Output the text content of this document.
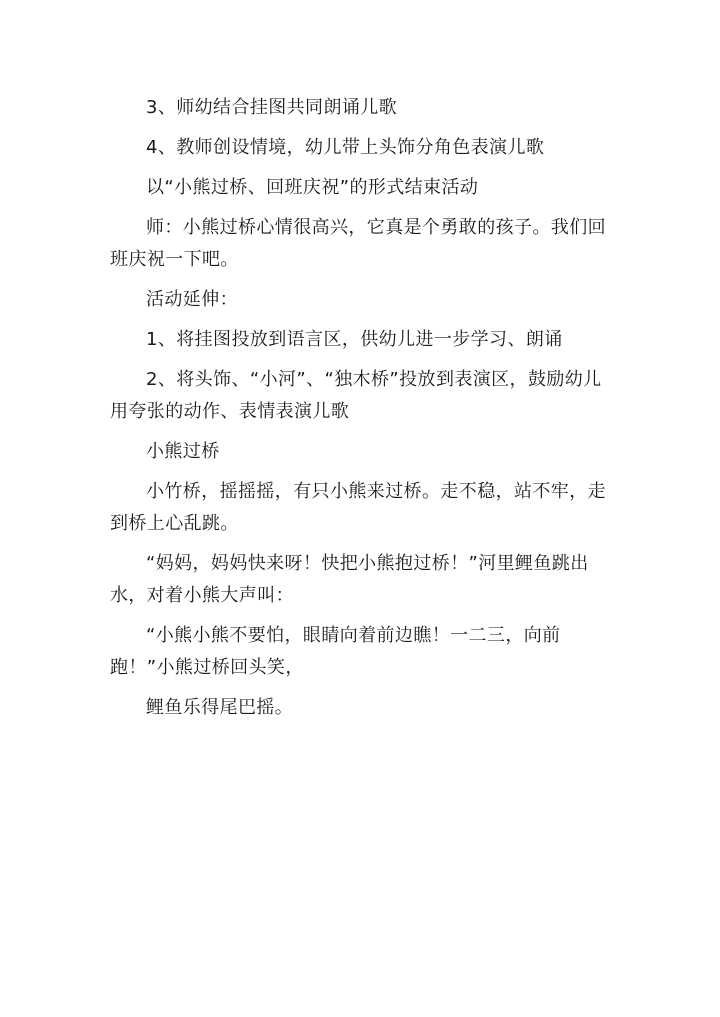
3、师幼结合挂图共同朗诵儿歌

4、教师创设情境，幼儿带上头饰分角色表演儿歌

以“小熊过桥、回班庆祝”的形式结束活动

师：小熊过桥心情很高兴，它真是个勇敢的孩子。我们回班庆祝一下吧。

活动延伸：

1、将挂图投放到语言区，供幼儿进一步学习、朗诵

2、将头饰、“小河”、“独木桥”投放到表演区，鼓励幼儿用夸张的动作、表情表演儿歌

小熊过桥

小竹桥，摇摇摇，有只小熊来过桥。走不稳，站不牢，走到桥上心乱跳。

“妈妈，妈妈快来呀！快把小熊抱过桥！”河里鲤鱼跳出水，对着小熊大声叫：

“小熊小熊不要怕，眼睛向着前边瞧！一二三，向前跑！”小熊过桥回头笑，

鲤鱼乐得尾巴摇。
